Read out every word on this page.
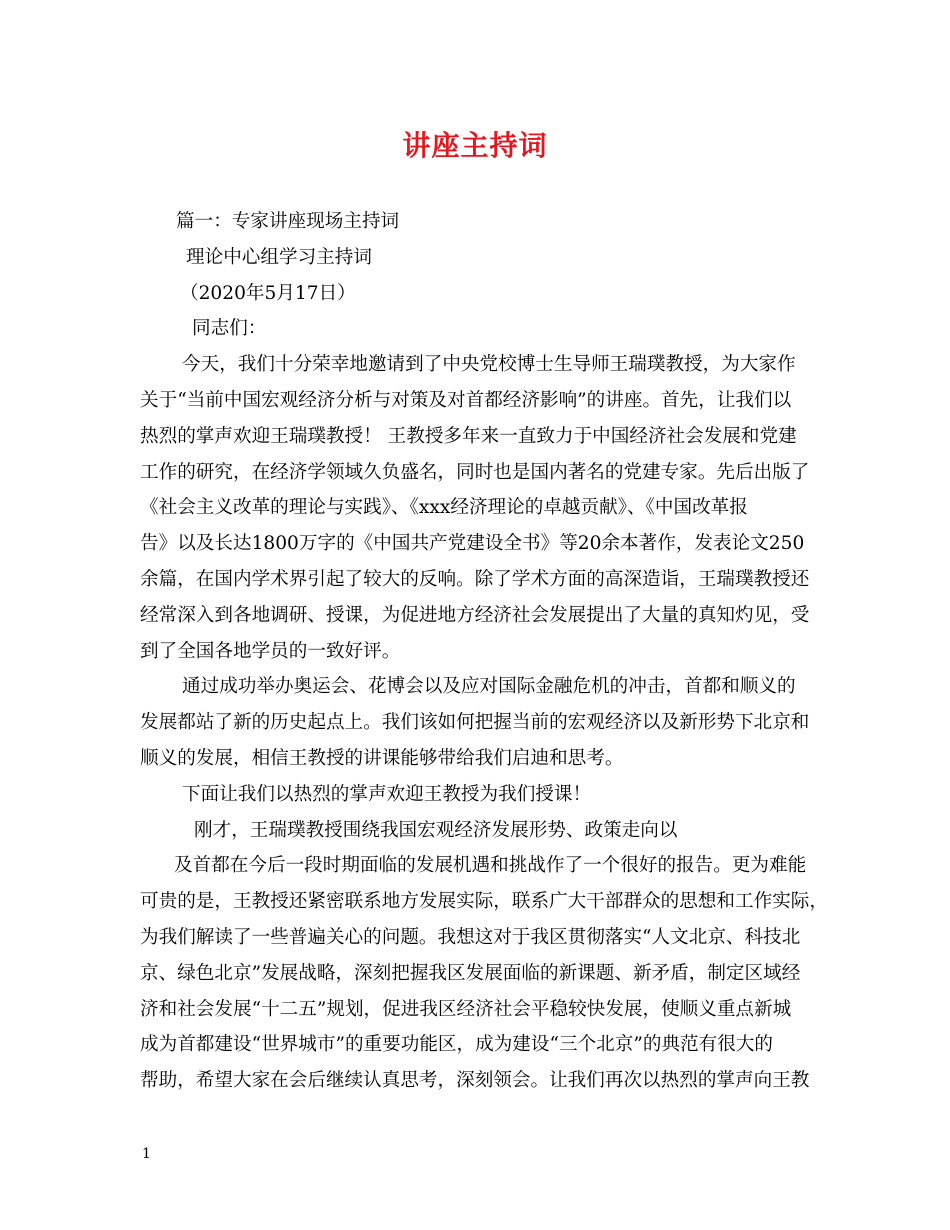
讲座主持词
篇一：专家讲座现场主持词
理论中心组学习主持词
（2020年5月17日）
同志们：
今天，我们十分荣幸地邀请到了中央党校博士生导师王瑞璞教授，为大家作
关于“当前中国宏观经济分析与对策及对首都经济影响”的讲座。首先，让我们以
热烈的掌声欢迎王瑞璞教授！ 王教授多年来一直致力于中国经济社会发展和党建
工作的研究，在经济学领域久负盛名，同时也是国内著名的党建专家。先后出版了
《社会主义改革的理论与实践》、《xxx经济理论的卓越贡献》、《中国改革报
告》以及长达1800万字的《中国共产党建设全书》等20余本著作，发表论文250
余篇，在国内学术界引起了较大的反响。除了学术方面的高深造诣，王瑞璞教授还
经常深入到各地调研、授课，为促进地方经济社会发展提出了大量的真知灼见，受
到了全国各地学员的一致好评。
通过成功举办奥运会、花博会以及应对国际金融危机的冲击，首都和顺义的
发展都站了新的历史起点上。我们该如何把握当前的宏观经济以及新形势下北京和
顺义的发展，相信王教授的讲课能够带给我们启迪和思考。
下面让我们以热烈的掌声欢迎王教授为我们授课！
刚才，王瑞璞教授围绕我国宏观经济发展形势、政策走向以
及首都在今后一段时期面临的发展机遇和挑战作了一个很好的报告。更为难能
可贵的是，王教授还紧密联系地方发展实际，联系广大干部群众的思想和工作实际，
为我们解读了一些普遍关心的问题。我想这对于我区贯彻落实“人文北京、科技北
京、绿色北京”发展战略，深刻把握我区发展面临的新课题、新矛盾，制定区域经
济和社会发展“十二五”规划，促进我区经济社会平稳较快发展，使顺义重点新城
成为首都建设“世界城市”的重要功能区，成为建设“三个北京”的典范有很大的
帮助，希望大家在会后继续认真思考，深刻领会。让我们再次以热烈的掌声向王教
1
